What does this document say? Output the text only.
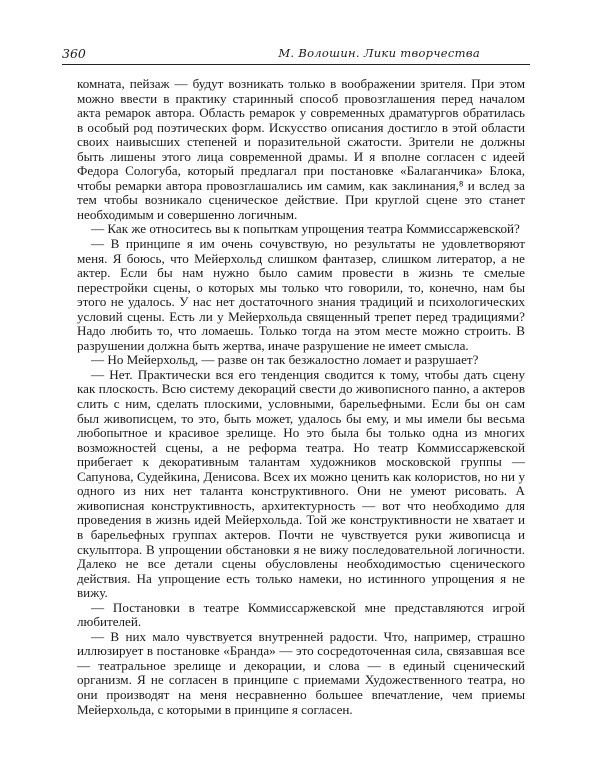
360	М. Волошин. Лики творчества

комната, пейзаж — будут возникать только в воображении зрителя. При этом можно ввести в практику старинный способ провозглашения перед началом акта ремарок автора. Область ремарок у современных драматургов обратилась в особый род поэтических форм. Искусство описания достигло в этой области своих наивысших степеней и поразительной сжатости. Зрители не должны быть лишены этого лица современной драмы. И я вполне согласен с идеей Федора Сологуба, который предлагал при постановке «Балаганчика» Блока, чтобы ремарки автора провозглашались им самим, как заклинания,⁸ и вслед за тем чтобы возникало сценическое действие. При круглой сцене это станет необходимым и совершенно логичным.

— Как же относитесь вы к попыткам упрощения театра Коммиссаржевской?

— В принципе я им очень сочувствую, но результаты не удовлетворяют меня. Я боюсь, что Мейерхольд слишком фантазер, слишком литератор, а не актер. Если бы нам нужно было самим провести в жизнь те смелые перестройки сцены, о которых мы только что говорили, то, конечно, нам бы этого не удалось. У нас нет достаточного знания традиций и психологических условий сцены. Есть ли у Мейерхольда священный трепет перед традициями? Надо любить то, что ломаешь. Только тогда на этом месте можно строить. В разрушении должна быть жертва, иначе разрушение не имеет смысла.

— Но Мейерхольд, — разве он так безжалостно ломает и разрушает?

— Нет. Практически вся его тенденция сводится к тому, чтобы дать сцену как плоскость. Всю систему декораций свести до живописного панно, а актеров слить с ним, сделать плоскими, условными, барельефными. Если бы он сам был живописцем, то это, быть может, удалось бы ему, и мы имели бы весьма любопытное и красивое зрелище. Но это была бы только одна из многих возможностей сцены, а не реформа театра. Но театр Коммиссаржевской прибегает к декоративным талантам художников московской группы — Сапунова, Судейкина, Денисова. Всех их можно ценить как колористов, но ни у одного из них нет таланта конструктивного. Они не умеют рисовать. А живописная конструктивность, архитектурность — вот что необходимо для проведения в жизнь идей Мейерхольда. Той же конструктивности не хватает и в барельефных группах актеров. Почти не чувствуется руки живописца и скульптора. В упрощении обстановки я не вижу последовательной логичности. Далеко не все детали сцены обусловлены необходимостью сценического действия. На упрощение есть только намеки, но истинного упрощения я не вижу.

— Постановки в театре Коммиссаржевской мне представляются игрой любителей.

— В них мало чувствуется внутренней радости. Что, например, страшно иллюзирует в постановке «Бранда» — это сосредоточенная сила, связавшая все — театральное зрелище и декорации, и слова — в единый сценический организм. Я не согласен в принципе с приемами Художественного театра, но они производят на меня несравненно большее впечатление, чем приемы Мейерхольда, с которыми в принципе я согласен.
